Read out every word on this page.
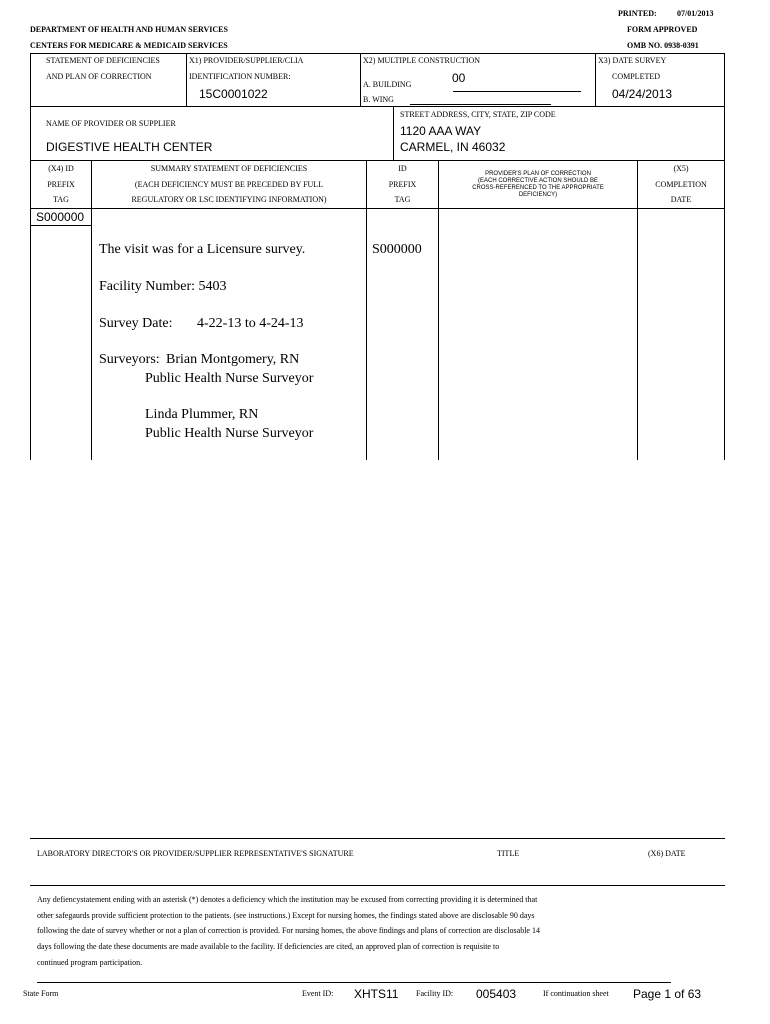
PRINTED:	07/01/2013
DEPARTMENT OF HEALTH AND HUMAN SERVICES	FORM APPROVED
CENTERS FOR MEDICARE & MEDICAID SERVICES	OMB NO. 0938-0391
STATEMENT OF DEFICIENCIES
AND PLAN OF CORRECTION
X1) PROVIDER/SUPPLIER/CLIA
IDENTIFICATION NUMBER:
15C0001022
X2) MULTIPLE CONSTRUCTION
A. BUILDING	00
B. WING
X3) DATE SURVEY
COMPLETED
04/24/2013
NAME OF PROVIDER OR SUPPLIER
DIGESTIVE HEALTH CENTER
STREET ADDRESS, CITY, STATE, ZIP CODE
1120 AAA WAY
CARMEL, IN 46032
(X4) ID
PREFIX
TAG
SUMMARY STATEMENT OF DEFICIENCIES
(EACH DEFICIENCY MUST BE PRECEDED BY FULL
REGULATORY OR LSC IDENTIFYING INFORMATION)
ID
PREFIX
TAG
PROVIDER'S PLAN OF CORRECTION
(EACH CORRECTIVE ACTION SHOULD BE
CROSS-REFERENCED TO THE APPROPRIATE
DEFICIENCY)
(X5)
COMPLETION
DATE
S000000
The visit was for a Licensure survey.	S000000
Facility Number: 5403
Survey Date: 4-22-13 to 4-24-13
Surveyors: Brian Montgomery, RN
Public Health Nurse Surveyor
Linda Plummer, RN
Public Health Nurse Surveyor
LABORATORY DIRECTOR'S OR PROVIDER/SUPPLIER REPRESENTATIVE'S SIGNATURE	TITLE	(X6) DATE
Any defiencystatement ending with an asterisk (*) denotes a deficiency which the institution may be excused from correcting providing it is determined that
other safegaurds provide sufficient protection to the patients. (see instructions.) Except for nursing homes, the findings stated above are disclosable 90 days
following the date of survey whether or not a plan of correction is provided. For nursing homes, the above findings and plans of correction are disclosable 14
days following the date these documents are made available to the facility. If deficiencies are cited, an approved plan of correction is requisite to
continued program participation.
State Form	Event ID: XHTS11 Facility ID: 005403	If continuation sheet Page 1 of 63
